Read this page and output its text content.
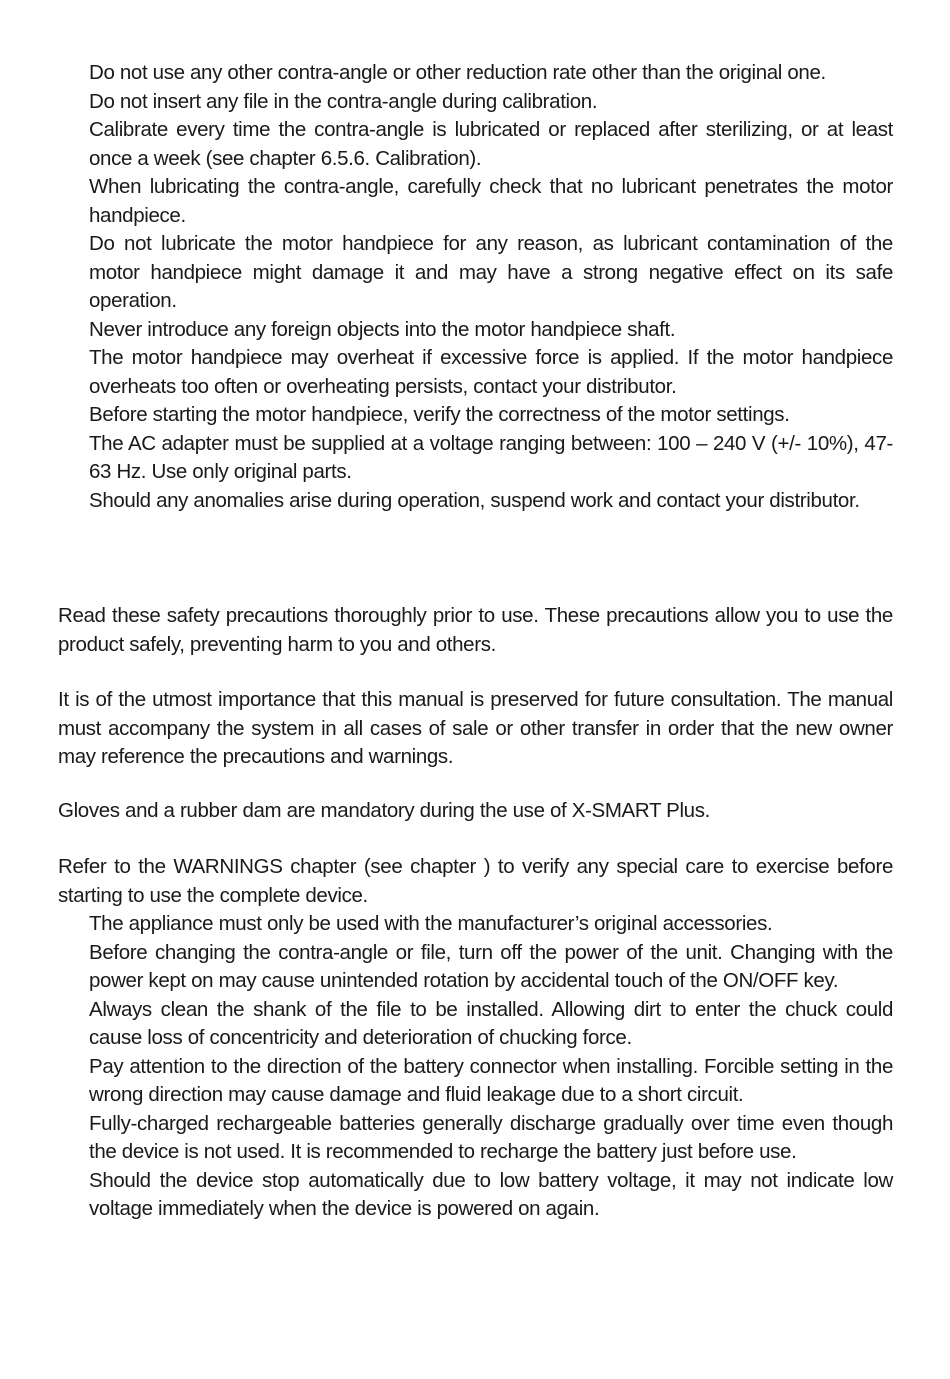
Do not use any other contra-angle or other reduction rate other than the original one.

Do not insert any file in the contra-angle during calibration.

Calibrate every time the contra-angle is lubricated or replaced after sterilizing, or at least once a week (see chapter 6.5.6. Calibration).

When lubricating the contra-angle, carefully check that no lubricant penetrates the motor handpiece.

Do not lubricate the motor handpiece for any reason, as lubricant contamination of the motor handpiece might damage it and may have a strong negative effect on its safe operation.

Never introduce any foreign objects into the motor handpiece shaft.

The motor handpiece may overheat if excessive force is applied. If the motor handpiece overheats too often or overheating persists, contact your distributor.

Before starting the motor handpiece, verify the correctness of the motor settings.

The AC adapter must be supplied at a voltage ranging between: 100 – 240 V (+/- 10%), 47-63 Hz. Use only original parts.

Should any anomalies arise during operation, suspend work and contact your distributor.

Read these safety precautions thoroughly prior to use. These precautions allow you to use the product safely, preventing harm to you and others.

It is of the utmost importance that this manual is preserved for future consultation. The manual must accompany the system in all cases of sale or other transfer in order that the new owner may reference the precautions and warnings.

Gloves and a rubber dam are mandatory during the use of X-SMART Plus.

Refer to the WARNINGS chapter (see chapter ) to verify any special care to exercise before starting to use the complete device.

The appliance must only be used with the manufacturer’s original accessories.

Before changing the contra-angle or file, turn off the power of the unit. Changing with the power kept on may cause unintended rotation by accidental touch of the ON/OFF key.

Always clean the shank of the file to be installed. Allowing dirt to enter the chuck could cause loss of concentricity and deterioration of chucking force.

Pay attention to the direction of the battery connector when installing. Forcible setting in the wrong direction may cause damage and fluid leakage due to a short circuit.

Fully-charged rechargeable batteries generally discharge gradually over time even though the device is not used. It is recommended to recharge the battery just before use.

Should the device stop automatically due to low battery voltage, it may not indicate low voltage immediately when the device is powered on again.
